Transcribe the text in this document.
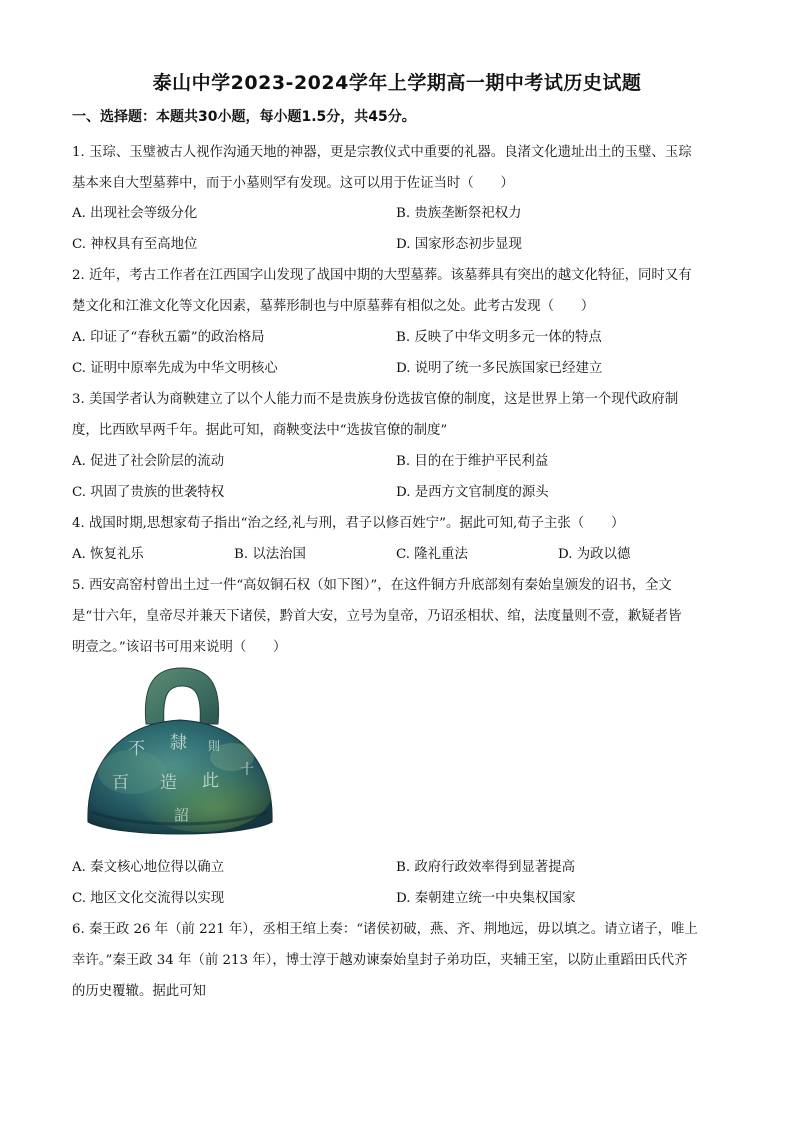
泰山中学2023-2024学年上学期高一期中考试历史试题
一、选择题：本题共30小题，每小题1.5分，共45分。
1. 玉琮、玉璧被古人视作沟通天地的神器，更是宗教仪式中重要的礼器。良渚文化遗址出土的玉璧、玉琮
基本来自大型墓葬中，而于小墓则罕有发现。这可以用于佐证当时（　　）
A. 出现社会等级分化	B. 贵族垄断祭祀权力
C. 神权具有至高地位	D. 国家形态初步显现
2. 近年，考古工作者在江西国字山发现了战国中期的大型墓葬。该墓葬具有突出的越文化特征，同时又有
楚文化和江淮文化等文化因素，墓葬形制也与中原墓葬有相似之处。此考古发现（　　）
A. 印证了“春秋五霸”的政治格局	B. 反映了中华文明多元一体的特点
C. 证明中原率先成为中华文明核心	D. 说明了统一多民族国家已经建立
3. 美国学者认为商鞅建立了以个人能力而不是贵族身份选拔官僚的制度，这是世界上第一个现代政府制
度，比西欧早两千年。据此可知，商鞅变法中“选拔官僚的制度”
A. 促进了社会阶层的流动	B. 目的在于维护平民利益
C. 巩固了贵族的世袭特权	D. 是西方文官制度的源头
4. 战国时期,思想家荀子指出“治之经,礼与刑，君子以修百姓宁”。据此可知,荀子主张（　　）
A. 恢复礼乐	B. 以法治国	C. 隆礼重法	D. 为政以德
5. 西安高窑村曾出土过一件“高奴铜石权（如下图）”，在这件铜方升底部刻有秦始皇颁发的诏书，全文
是“廿六年，皇帝尽并兼天下诸侯，黔首大安，立号为皇帝，乃诏丞相状、绾，法度量则不壹，歉疑者皆
明壹之。”该诏书可用来说明（　　）
不 隸 則
百 造 此
十
詔
A. 秦文核心地位得以确立	B. 政府行政效率得到显著提高
C. 地区文化交流得以实现	D. 秦朝建立统一中央集权国家
6. 秦王政 26 年（前 221 年），丞相王绾上奏：“诸侯初破，燕、齐、荆地远，毋以填之。请立诸子，唯上
幸许。”秦王政 34 年（前 213 年），博士淳于越劝谏秦始皇封子弟功臣，夹辅王室，以防止重蹈田氏代齐
的历史覆辙。据此可知
